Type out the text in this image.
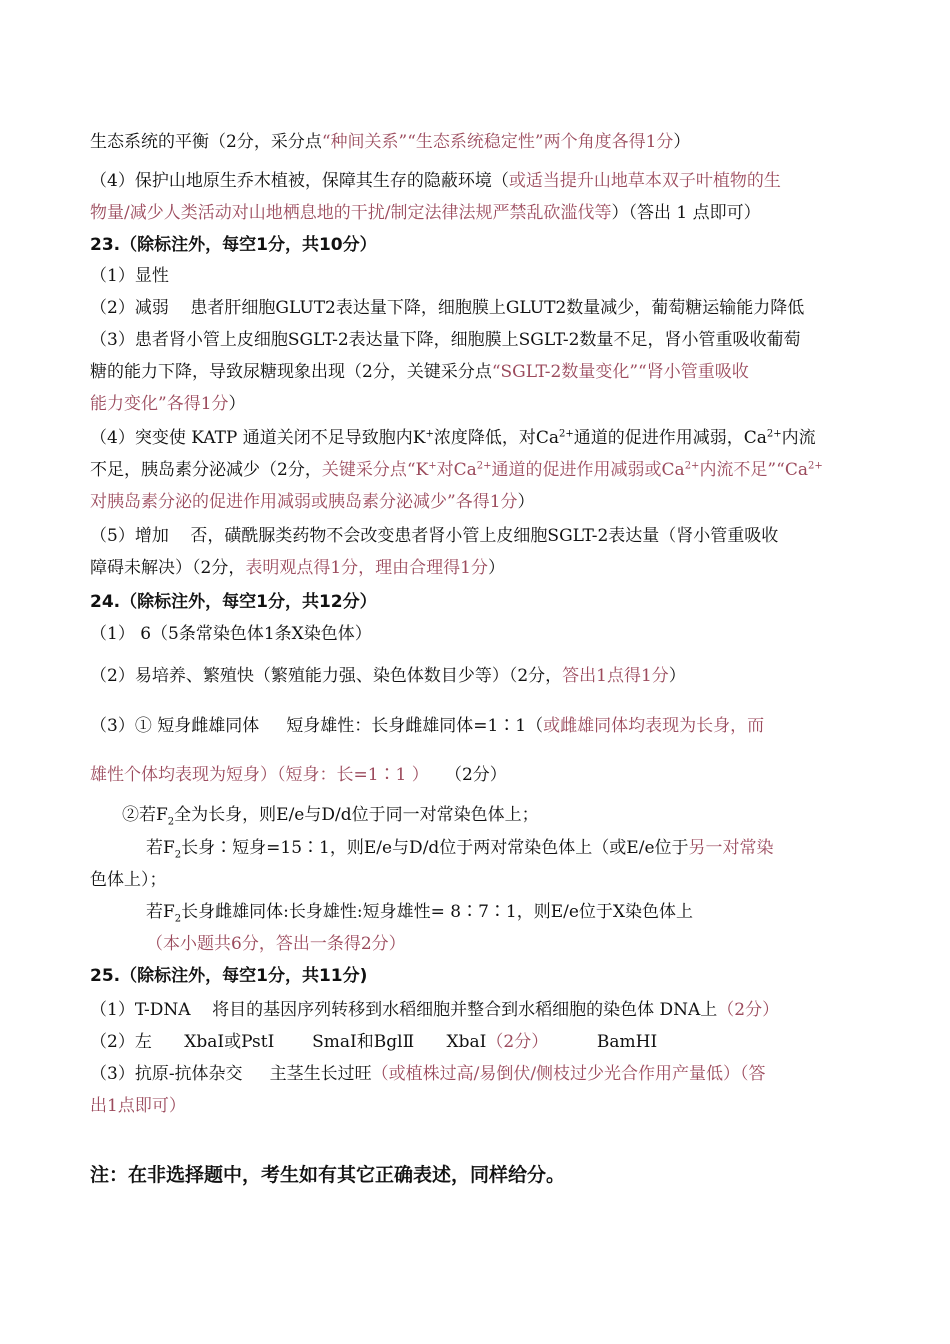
生态系统的平衡（2分，采分点“种间关系”“生态系统稳定性”两个角度各得1分）
（4）保护山地原生乔木植被，保障其生存的隐蔽环境（或适当提升山地草本双子叶植物的生
物量/减少人类活动对山地栖息地的干扰/制定法律法规严禁乱砍滥伐等）（答出 1 点即可）
23.（除标注外，每空1分，共10分）
（1）显性
（2）减弱    患者肝细胞GLUT2表达量下降，细胞膜上GLUT2数量减少，葡萄糖运输能力降低
（3）患者肾小管上皮细胞SGLT-2表达量下降，细胞膜上SGLT-2数量不足，肾小管重吸收葡萄
糖的能力下降，导致尿糖现象出现（2分，关键采分点“SGLT-2数量变化”“肾小管重吸收
能力变化”各得1分）
（4）突变使 KATP 通道关闭不足导致胞内K+浓度降低，对$Ca^{2+}$通道的促进作用减弱，$Ca^{2+}$内流
不足，胰岛素分泌减少（2分，关键采分点“K+对$Ca^{2+}$通道的促进作用减弱或$Ca^{2+}$内流不足$”“Ca^{2+}$
对胰岛素分泌的促进作用减弱或胰岛素分泌减少”各得1分）
（5）增加    否，磺酰脲类药物不会改变患者肾小管上皮细胞SGLT-2表达量（肾小管重吸收
障碍未解决）（2分，表明观点得1分，理由合理得1分）
24.（除标注外，每空1分，共12分）
（1） 6（5条常染色体1条X染色体）
（2）易培养、繁殖快（繁殖能力强、染色体数目少等）（2分，答出1点得1分）
（3）① 短身雌雄同体     短身雄性：长身雌雄同体=1∶1（或雌雄同体均表现为长身，而
雄性个体均表现为短身）（短身：长=1∶1 ）   （2分）
②若$F_2$全为长身，则E/e与D/d位于同一对常染色体上；
若$F_2$长身∶短身=15∶1，则E/e与D/d位于两对常染色体上（或E/e位于另一对常染
色体上）；
若$F_2$长身雌雄同体:长身雄性:短身雄性= 8∶7∶1，则E/e位于X染色体上
（本小题共6分，答出一条得2分）
25.（除标注外，每空1分，共11分)
（1）T-DNA    将目的基因序列转移到水稻细胞并整合到水稻细胞的染色体 DNA上（2分）
（2）左      XbaⅠ或PstⅠ       SmaⅠ和BglⅡ      XbaⅠ（2分）         BamHⅠ
（3）抗原-抗体杂交     主茎生长过旺（或植株过高/易倒伏/侧枝过少光合作用产量低）（答
出1点即可）
注：在非选择题中，考生如有其它正确表述，同样给分。
